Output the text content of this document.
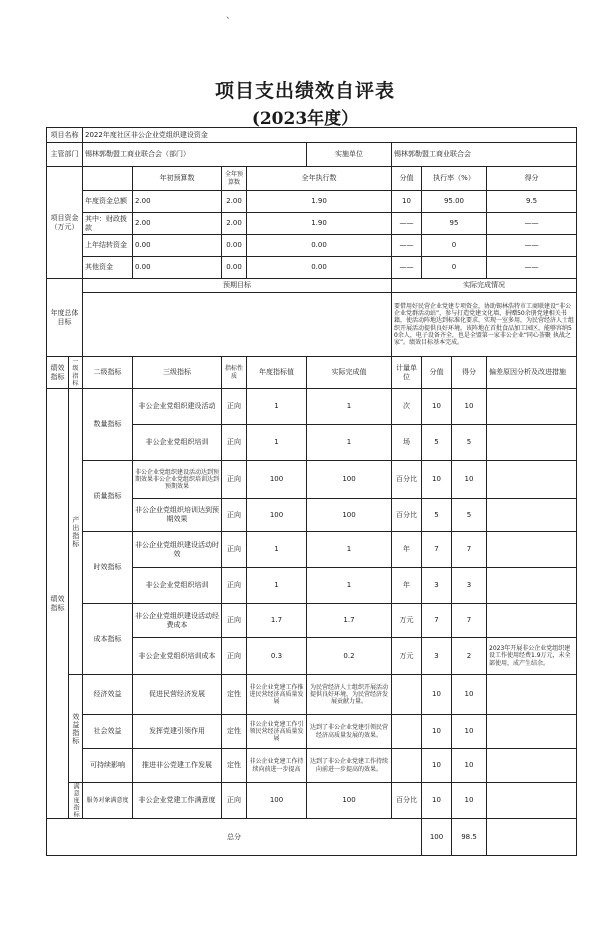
、
项目支出绩效自评表
(2023年度）
项目名称		2022年度社区非公企业党组织建设资金								
主管部门		锡林郭勒盟工商业联合会（部门）				实施单位	锡林郭勒盟工商业联合会			
项目资金（万元）			年初预算数	全年预算数	全年执行数		分值	执行率（%）		得分
		年度资金总额	2.00	2.00	1.90		10	95.00		9.5
		其中：财政拨款	2.00	2.00	1.90		——	95		——
		上年结转资金	0.00	0.00	0.00		——	0		——
		其他资金	0.00	0.00	0.00		——	0		——
年度总体目标		预期目标					实际完成情况			
							要借用好民营企业党建专项资金，协助锡林浩特市工商联建设“非公企业党群活动站”，参与打造党建文化墙，捐赠50余册党建相关书籍，使活动阵地达到标准化要求，实现一室多用，为民营经济人士组织开展活动提供良好环境。该阵地在首批食品加工园区，能够容纳50余人，电子设备齐全，也是全盟第一家非公企业“同心荟聚 执战之家”。绩效目标基本完成。			
绩效指标	一级指标	二级指标	三级指标	指标性质	年度指标值	实际完成值	计量单位	分值	得分	偏差原因分析及改进措施
绩效指标	产出指标	数量指标	非公企业党组织建设活动	正向	1	1	次	10	10	
			非公企业党组织培训	正向	1	1	场	5	5	
		质量指标	非公企业党组织建设活动达到预期效果非公企业党组织培训达到预期效果	正向	100	100	百分比	10	10	
			非公企业党组织培训达到预期效果	正向	100	100	百分比	5	5	
		时效指标	非公企业党组织建设活动时效	正向	1	1	年	7	7	
			非公企业党组织培训	正向	1	1	年	3	3	
		成本指标	非公企业党组织建设活动经费成本	正向	1.7	1.7	万元	7	7	
			非公企业党组织培训成本	正向	0.3	0.2	万元	3	2	2023年开展非公企业党组织建设工作使用经费1.9万元，未全部使用，成产生结余。

	效益指标	经济效益	促进民营经济发展	定性	非公企业党建工作推进民营经济高质量发展	为民营经济人士组织开展活动提供良好环境，为民营经济发展贡献力量。		10	10	
		社会效益	发挥党建引领作用	定性	非公企业党建工作引领民营经济高质量发展	达到了非公企业党建引领民营经济高质量发展的效果。		10	10	
		可持续影响	推进非公党建工作发展	定性	非公企业党建工作持续向前进一步提高	达到了非公企业党建工作持续向前进一步提高的效果。		10	10	

	满意度指标	服务对象满意度	非公企业党建工作满意度	正向	100	100	百分比	10	10	
总分								100	98.5	
